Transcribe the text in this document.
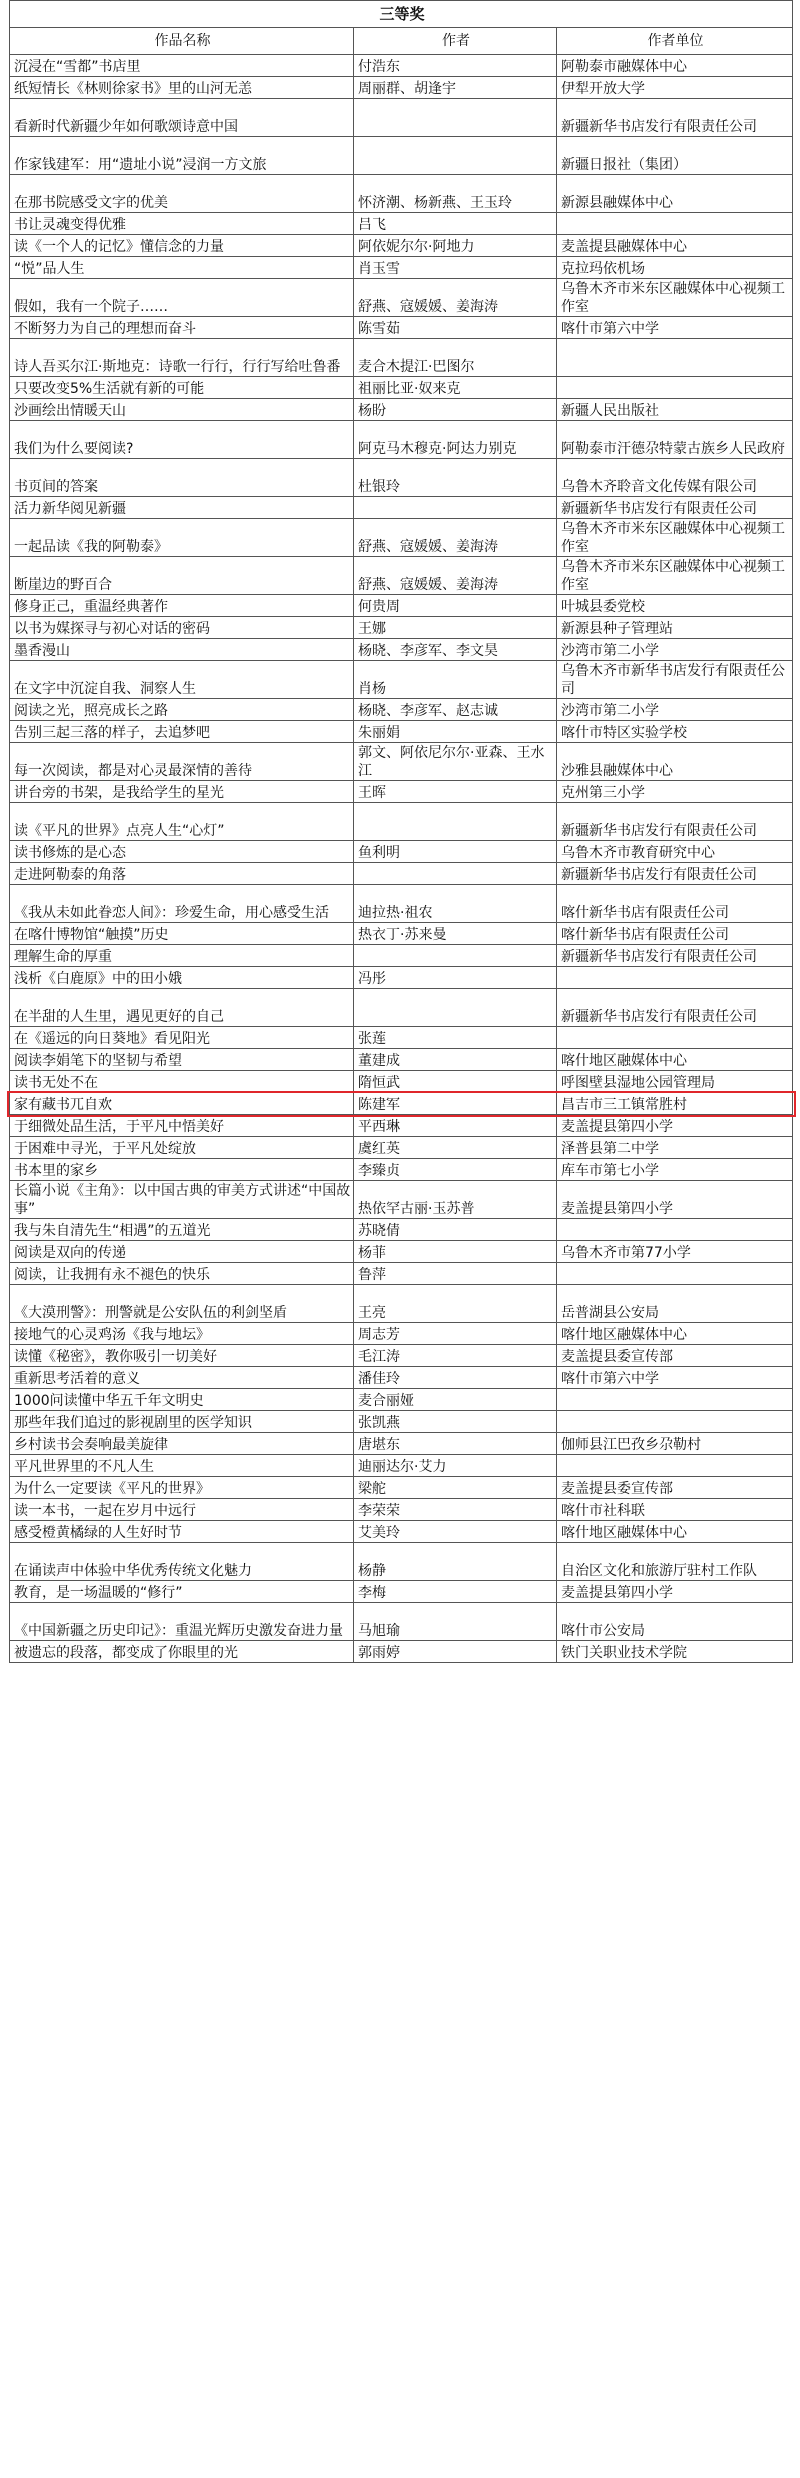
三等奖		
作品名称	作者	作者单位
沉浸在“雪都”书店里	付浩东	阿勒泰市融媒体中心
纸短情长《林则徐家书》里的山河无恙	周丽群、胡逢宇	伊犁开放大学
看新时代新疆少年如何歌颂诗意中国		新疆新华书店发行有限责任公司
作家钱建军：用“遗址小说”浸润一方文旅		新疆日报社（集团）
在那书院感受文字的优美	怀济潮、杨新燕、王玉玲	新源县融媒体中心
书让灵魂变得优雅	吕飞	
读《一个人的记忆》懂信念的力量	阿依妮尔尔·阿地力	麦盖提县融媒体中心
“悦”品人生	肖玉雪	克拉玛依机场
假如，我有一个院子……	舒燕、寇媛媛、姜海涛	乌鲁木齐市米东区融媒体中心视频工作室
不断努力为自己的理想而奋斗	陈雪茹	喀什市第六中学
诗人吾买尔江·斯地克：诗歌一行行，行行写给吐鲁番	麦合木提江·巴图尔	
只要改变5%生活就有新的可能	祖丽比亚·奴来克	
沙画绘出情暖天山	杨盼	新疆人民出版社
我们为什么要阅读?	阿克马木穆克·阿达力别克	阿勒泰市汗德尕特蒙古族乡人民政府
书页间的答案	杜银玲	乌鲁木齐聆音文化传媒有限公司
活力新华阅见新疆		新疆新华书店发行有限责任公司
一起品读《我的阿勒泰》	舒燕、寇媛媛、姜海涛	乌鲁木齐市米东区融媒体中心视频工作室
断崖边的野百合	舒燕、寇媛媛、姜海涛	乌鲁木齐市米东区融媒体中心视频工作室
修身正己，重温经典著作	何贵周	叶城县委党校
以书为媒探寻与初心对话的密码	王娜	新源县种子管理站
墨香漫山	杨晓、李彦军、李文昊	沙湾市第二小学
在文字中沉淀自我、洞察人生	肖杨	乌鲁木齐市新华书店发行有限责任公司
阅读之光，照亮成长之路	杨晓、李彦军、赵志诚	沙湾市第二小学
告别三起三落的样子，去追梦吧	朱丽娟	喀什市特区实验学校
每一次阅读，都是对心灵最深情的善待	郭文、阿依尼尔尔·亚森、王水江	沙雅县融媒体中心
讲台旁的书架，是我给学生的星光	王晖	克州第三小学
读《平凡的世界》点亮人生“心灯”		新疆新华书店发行有限责任公司
读书修炼的是心态	鱼利明	乌鲁木齐市教育研究中心
走进阿勒泰的角落		新疆新华书店发行有限责任公司
《我从未如此眷恋人间》：珍爱生命，用心感受生活	迪拉热·祖农	喀什新华书店有限责任公司
在喀什博物馆“触摸”历史	热衣丁·苏来曼	喀什新华书店有限责任公司
理解生命的厚重		新疆新华书店发行有限责任公司
浅析《白鹿原》中的田小娥	冯彤	
在半甜的人生里，遇见更好的自己		新疆新华书店发行有限责任公司
在《遥远的向日葵地》看见阳光	张莲	
阅读李娟笔下的坚韧与希望	董建成	喀什地区融媒体中心
读书无处不在	隋恒武	呼图壁县湿地公园管理局
家有藏书兀自欢	陈建军	昌吉市三工镇常胜村
于细微处品生活，于平凡中悟美好	平西琳	麦盖提县第四小学
于困难中寻光，于平凡处绽放	虞红英	泽普县第二中学
书本里的家乡	李臻贞	库车市第七小学
长篇小说《主角》：以中国古典的审美方式讲述“中国故事”	热依罕古丽·玉苏普	麦盖提县第四小学
我与朱自清先生“相遇”的五道光	苏晓倩	
阅读是双向的传递	杨菲	乌鲁木齐市第77小学
阅读，让我拥有永不褪色的快乐	鲁萍	
《大漠刑警》：刑警就是公安队伍的利剑坚盾	王亮	岳普湖县公安局
接地气的心灵鸡汤《我与地坛》	周志芳	喀什地区融媒体中心
读懂《秘密》，教你吸引一切美好	毛江涛	麦盖提县委宣传部
重新思考活着的意义	潘佳玲	喀什市第六中学
1000问读懂中华五千年文明史	麦合丽娅	
那些年我们追过的影视剧里的医学知识	张凯燕	
乡村读书会奏响最美旋律	唐堪东	伽师县江巴孜乡尕勒村
平凡世界里的不凡人生	迪丽达尔·艾力	
为什么一定要读《平凡的世界》	梁舵	麦盖提县委宣传部
读一本书，一起在岁月中远行	李荣荣	喀什市社科联
感受橙黄橘绿的人生好时节	艾美玲	喀什地区融媒体中心
在诵读声中体验中华优秀传统文化魅力	杨静	自治区文化和旅游厅驻村工作队
教育，是一场温暖的“修行”	李梅	麦盖提县第四小学
《中国新疆之历史印记》：重温光辉历史激发奋进力量	马旭瑜	喀什市公安局
被遗忘的段落，都变成了你眼里的光	郭雨婷	铁门关职业技术学院
